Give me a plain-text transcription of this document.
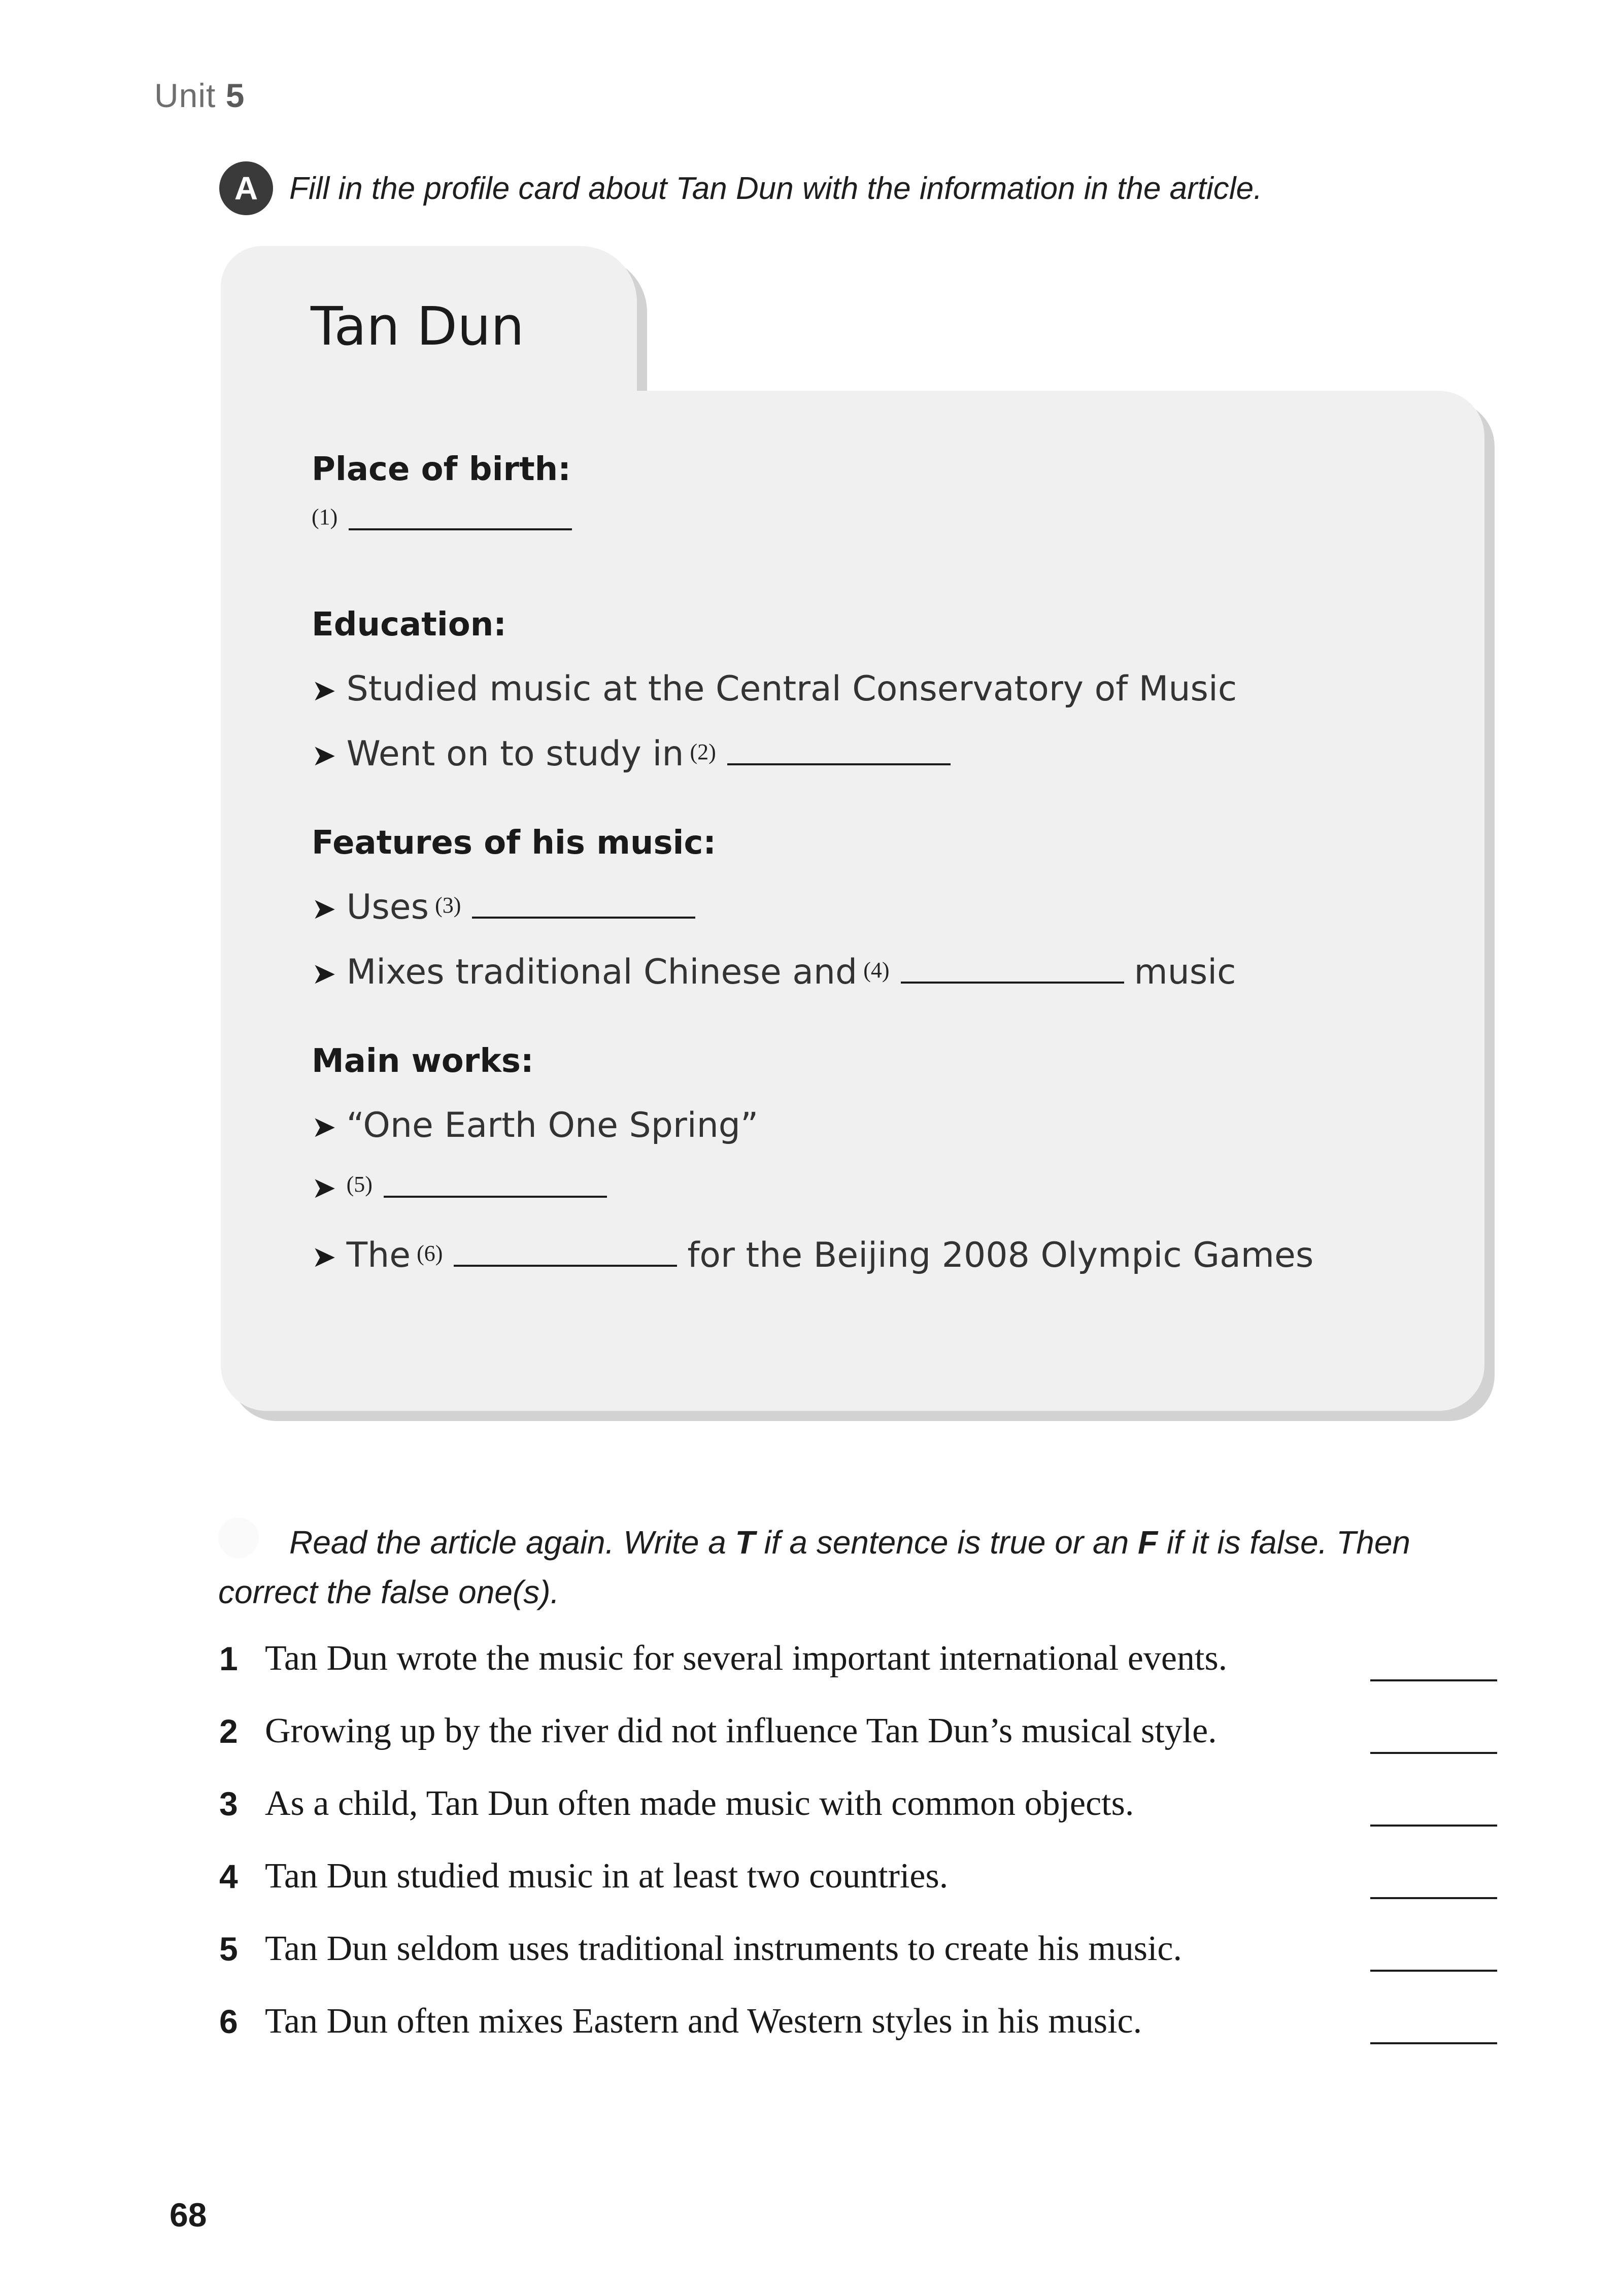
Unit 5
A Fill in the profile card about Tan Dun with the information in the article.
Tan Dun
Place of birth:
(1)
Education:
➤ Studied music at the Central Conservatory of Music
➤ Went on to study in (2)
Features of his music:
➤ Uses (3)
➤ Mixes traditional Chinese and (4)	music
Main works:
➤ “One Earth One Spring”
➤ (5)
➤ The (6)	for the Beijing 2008 Olympic Games
Read the article again. Write a T if a sentence is true or an F if it is false. Then correct the false one(s).
1 Tan Dun wrote the music for several important international events.
2 Growing up by the river did not influence Tan Dun’s musical style.
3 As a child, Tan Dun often made music with common objects.
4 Tan Dun studied music in at least two countries.
5 Tan Dun seldom uses traditional instruments to create his music.
6 Tan Dun often mixes Eastern and Western styles in his music.
68
